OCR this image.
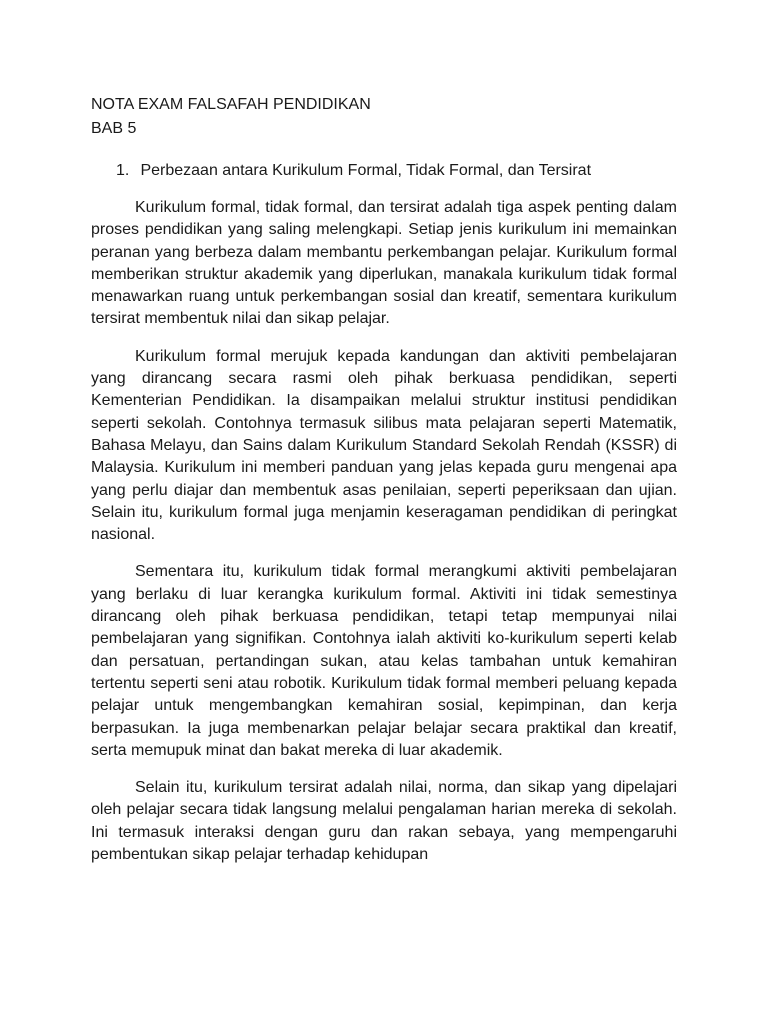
NOTA EXAM FALSAFAH PENDIDIKAN
BAB 5
1. Perbezaan antara Kurikulum Formal, Tidak Formal, dan Tersirat

Kurikulum formal, tidak formal, dan tersirat adalah tiga aspek penting dalam proses pendidikan yang saling melengkapi. Setiap jenis kurikulum ini memainkan peranan yang berbeza dalam membantu perkembangan pelajar. Kurikulum formal memberikan struktur akademik yang diperlukan, manakala kurikulum tidak formal menawarkan ruang untuk perkembangan sosial dan kreatif, sementara kurikulum tersirat membentuk nilai dan sikap pelajar.

Kurikulum formal merujuk kepada kandungan dan aktiviti pembelajaran yang dirancang secara rasmi oleh pihak berkuasa pendidikan, seperti Kementerian Pendidikan. Ia disampaikan melalui struktur institusi pendidikan seperti sekolah. Contohnya termasuk silibus mata pelajaran seperti Matematik, Bahasa Melayu, dan Sains dalam Kurikulum Standard Sekolah Rendah (KSSR) di Malaysia. Kurikulum ini memberi panduan yang jelas kepada guru mengenai apa yang perlu diajar dan membentuk asas penilaian, seperti peperiksaan dan ujian. Selain itu, kurikulum formal juga menjamin keseragaman pendidikan di peringkat nasional.

Sementara itu, kurikulum tidak formal merangkumi aktiviti pembelajaran yang berlaku di luar kerangka kurikulum formal. Aktiviti ini tidak semestinya dirancang oleh pihak berkuasa pendidikan, tetapi tetap mempunyai nilai pembelajaran yang signifikan. Contohnya ialah aktiviti ko-kurikulum seperti kelab dan persatuan, pertandingan sukan, atau kelas tambahan untuk kemahiran tertentu seperti seni atau robotik. Kurikulum tidak formal memberi peluang kepada pelajar untuk mengembangkan kemahiran sosial, kepimpinan, dan kerja berpasukan. Ia juga membenarkan pelajar belajar secara praktikal dan kreatif, serta memupuk minat dan bakat mereka di luar akademik.

Selain itu, kurikulum tersirat adalah nilai, norma, dan sikap yang dipelajari oleh pelajar secara tidak langsung melalui pengalaman harian mereka di sekolah. Ini termasuk interaksi dengan guru dan rakan sebaya, yang mempengaruhi pembentukan sikap pelajar terhadap kehidupan
